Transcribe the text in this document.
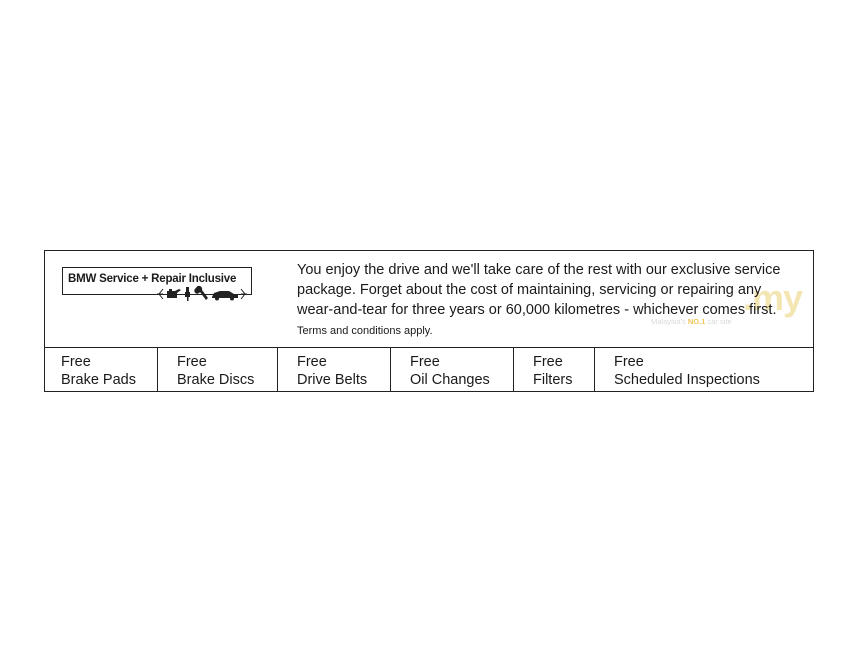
BMW Service + Repair Inclusive	.my
Malaysia's NO.1 car site
You enjoy the drive and we'll take care of the rest with our exclusive service package. Forget about the cost of maintaining, servicing or repairing any wear-and-tear for three years or 60,000 kilometres - whichever comes first. Terms and conditions apply.
Free
Brake Pads
Free
Brake Discs
Free
Drive Belts
Free
Oil Changes
Free
Filters
Free
Scheduled Inspections
